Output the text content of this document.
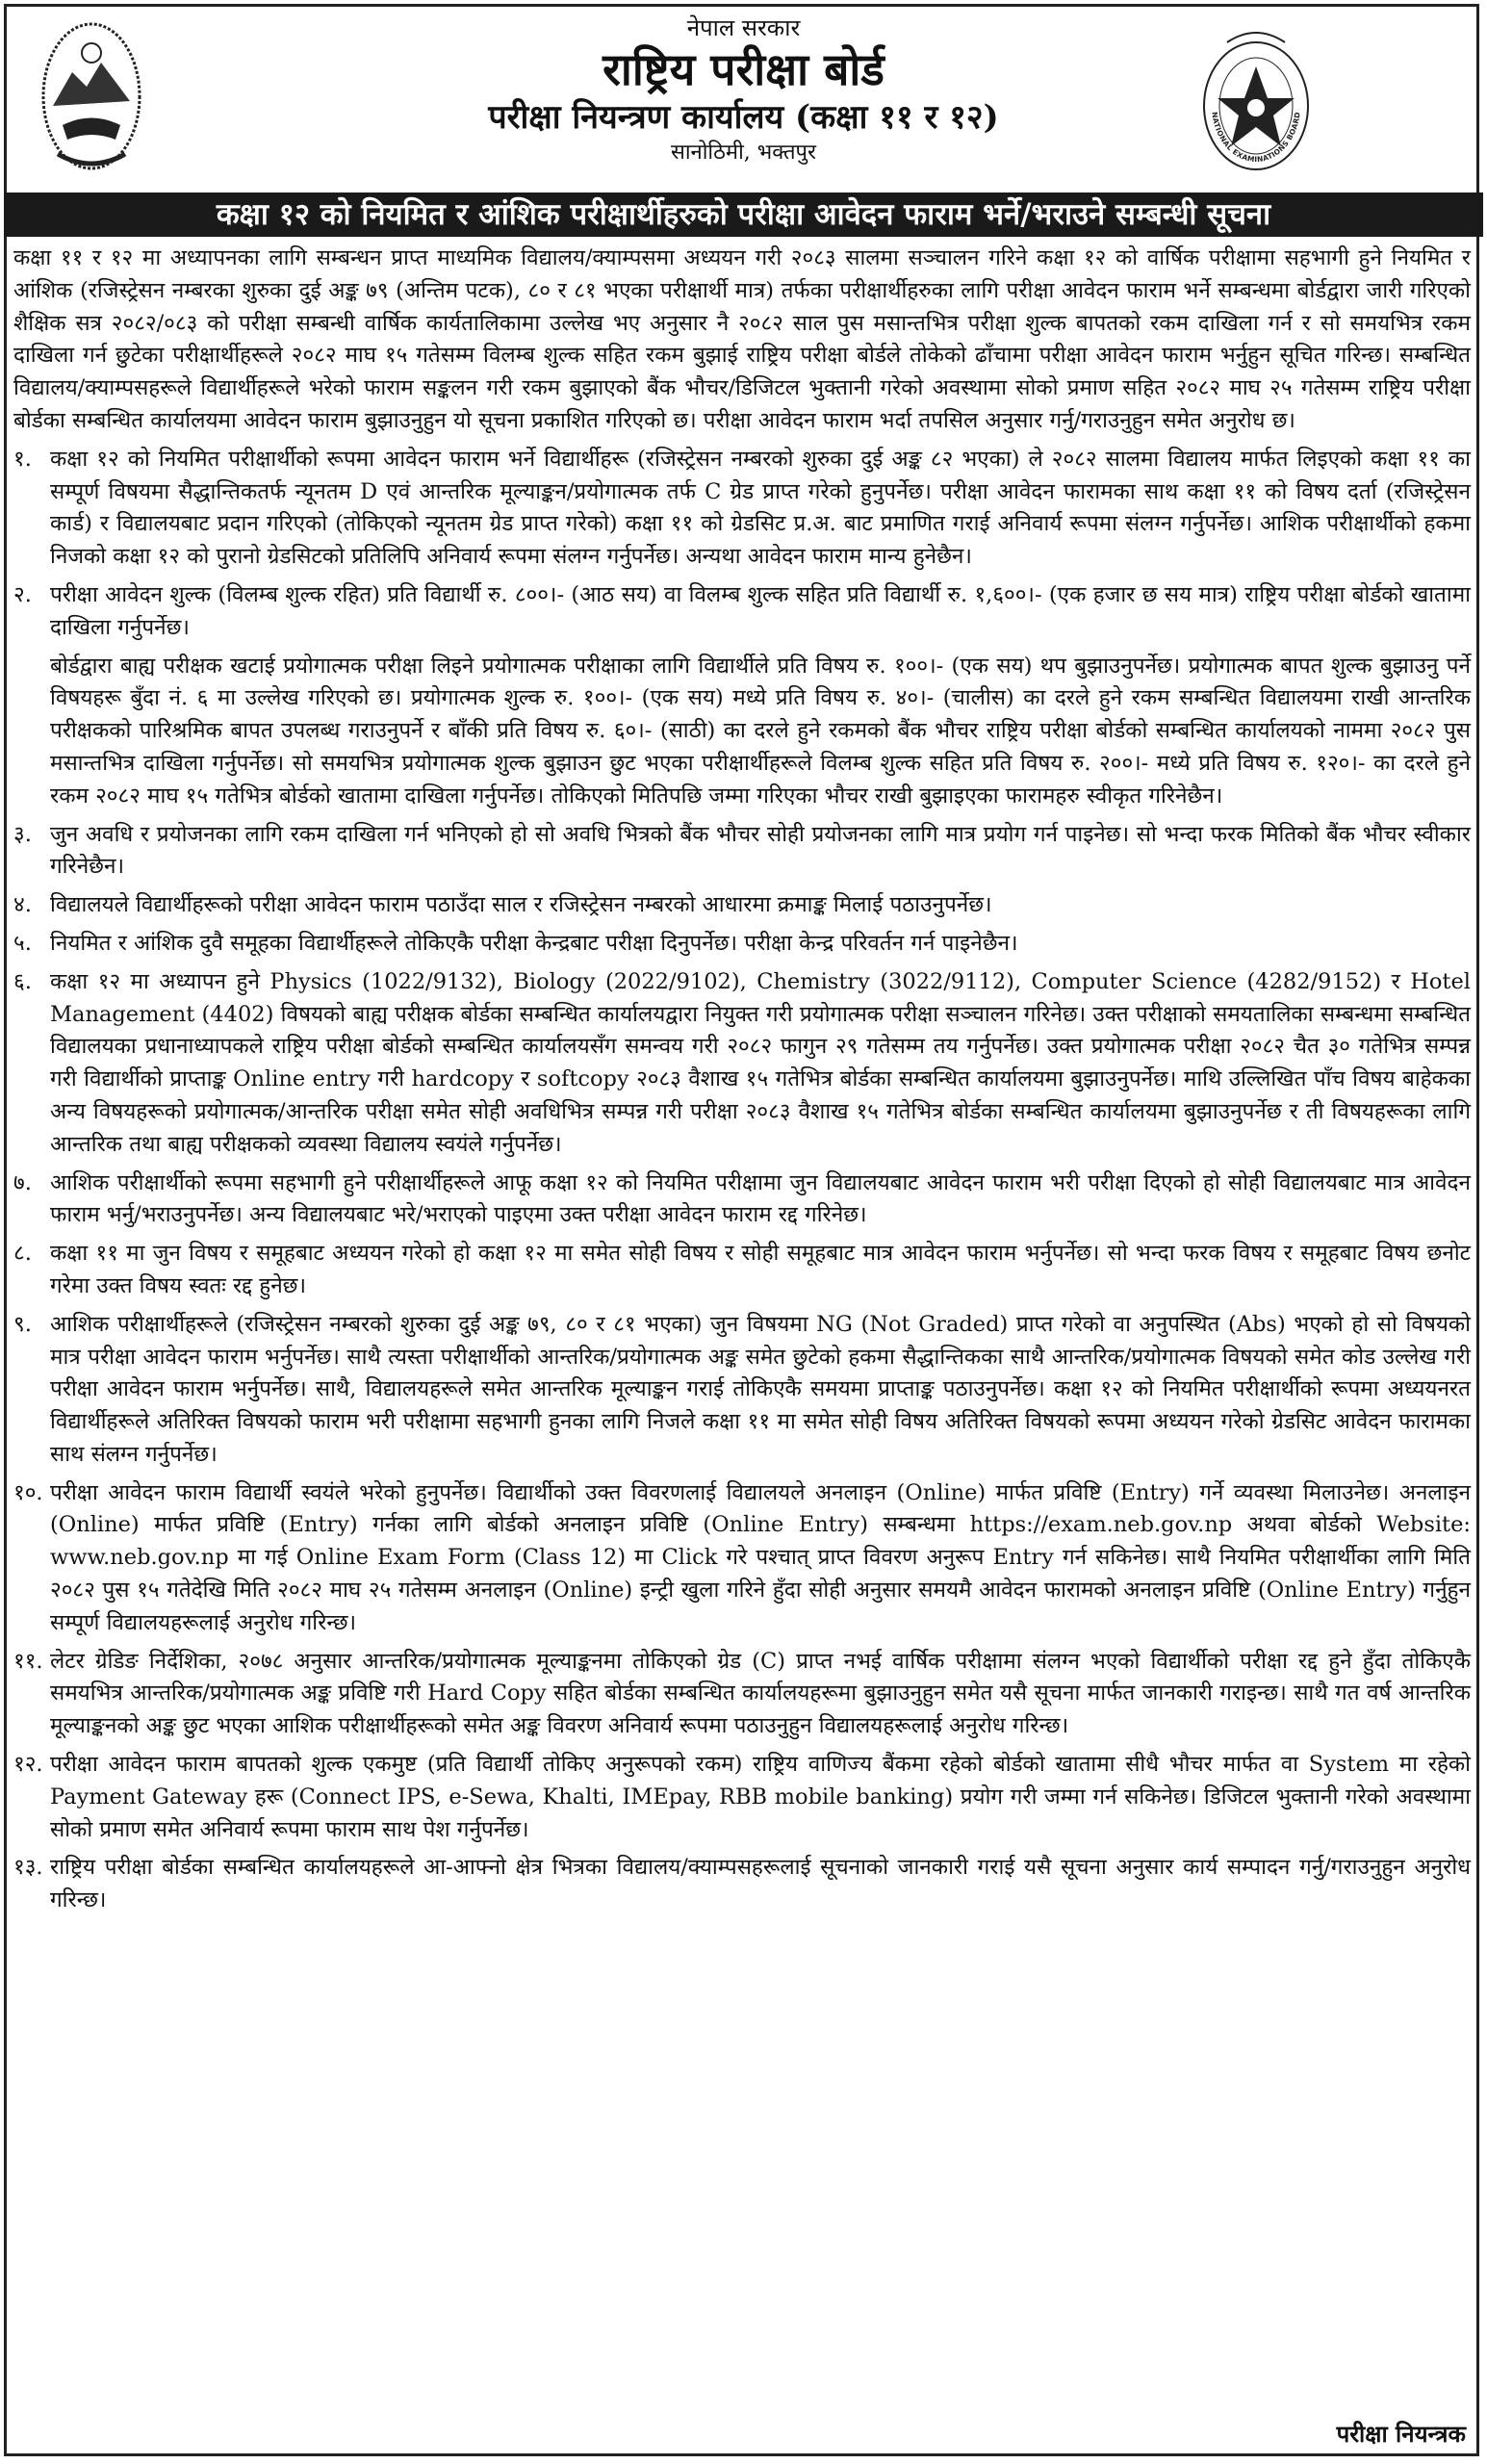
नेपाल सरकार
राष्ट्रिय परीक्षा बोर्ड
परीक्षा नियन्त्रण कार्यालय (कक्षा ११ र १२)
सानोठिमी, भक्तपुर
NATIONAL EXAMINATIONS BOARD
कक्षा १२ को नियमित र आंशिक परीक्षार्थीहरुको परीक्षा आवेदन फाराम भर्ने/भराउने सम्बन्धी सूचना

कक्षा ११ र १२ मा अध्यापनका लागि सम्बन्धन प्राप्त माध्यमिक विद्यालय/क्याम्पसमा अध्ययन गरी २०८३ सालमा सञ्चालन गरिने कक्षा १२ को वार्षिक परीक्षामा सहभागी हुने नियमित र आंशिक (रजिस्ट्रेसन नम्बरका शुरुका दुई अङ्क ७९ (अन्तिम पटक), ८० र ८१ भएका परीक्षार्थी मात्र) तर्फका परीक्षार्थीहरुका लागि परीक्षा आवेदन फाराम भर्ने सम्बन्धमा बोर्डद्वारा जारी गरिएको शैक्षिक सत्र २०८२/०८३ को परीक्षा सम्बन्धी वार्षिक कार्यतालिकामा उल्लेख भए अनुसार नै २०८२ साल पुस मसान्तभित्र परीक्षा शुल्क बापतको रकम दाखिला गर्न र सो समयभित्र रकम दाखिला गर्न छुटेका परीक्षार्थीहरूले २०८२ माघ १५ गतेसम्म विलम्ब शुल्क सहित रकम बुझाई राष्ट्रिय परीक्षा बोर्डले तोकेको ढाँचामा परीक्षा आवेदन फाराम भर्नुहुन सूचित गरिन्छ। सम्बन्धित विद्यालय/क्याम्पसहरूले विद्यार्थीहरूले भरेको फाराम सङ्कलन गरी रकम बुझाएको बैंक भौचर/डिजिटल भुक्तानी गरेको अवस्थामा सोको प्रमाण सहित २०८२ माघ २५ गतेसम्म राष्ट्रिय परीक्षा बोर्डका सम्बन्धित कार्यालयमा आवेदन फाराम बुझाउनुहुन यो सूचना प्रकाशित गरिएको छ। परीक्षा आवेदन फाराम भर्दा तपसिल अनुसार गर्नु/गराउनुहुन समेत अनुरोध छ।

१. कक्षा १२ को नियमित परीक्षार्थीको रूपमा आवेदन फाराम भर्ने विद्यार्थीहरू (रजिस्ट्रेसन नम्बरको शुरुका दुई अङ्क ८२ भएका) ले २०८२ सालमा विद्यालय मार्फत लिइएको कक्षा ११ का सम्पूर्ण विषयमा सैद्धान्तिकतर्फ न्यूनतम D एवं आन्तरिक मूल्याङ्कन/प्रयोगात्मक तर्फ C ग्रेड प्राप्त गरेको हुनुपर्नेछ। परीक्षा आवेदन फारामका साथ कक्षा ११ को विषय दर्ता (रजिस्ट्रेसन कार्ड) र विद्यालयबाट प्रदान गरिएको (तोकिएको न्यूनतम ग्रेड प्राप्त गरेको) कक्षा ११ को ग्रेडसिट प्र.अ. बाट प्रमाणित गराई अनिवार्य रूपमा संलग्न गर्नुपर्नेछ। आशिक परीक्षार्थीको हकमा निजको कक्षा १२ को पुरानो ग्रेडसिटको प्रतिलिपि अनिवार्य रूपमा संलग्न गर्नुपर्नेछ। अन्यथा आवेदन फाराम मान्य हुनेछैन।

२. परीक्षा आवेदन शुल्क (विलम्ब शुल्क रहित) प्रति विद्यार्थी रु. ८००।- (आठ सय) वा विलम्ब शुल्क सहित प्रति विद्यार्थी रु. १,६००।- (एक हजार छ सय मात्र) राष्ट्रिय परीक्षा बोर्डको खातामा दाखिला गर्नुपर्नेछ।

बोर्डद्वारा बाह्य परीक्षक खटाई प्रयोगात्मक परीक्षा लिइने प्रयोगात्मक परीक्षाका लागि विद्यार्थीले प्रति विषय रु. १००।- (एक सय) थप बुझाउनुपर्नेछ। प्रयोगात्मक बापत शुल्क बुझाउनु पर्ने विषयहरू बुँदा नं. ६ मा उल्लेख गरिएको छ। प्रयोगात्मक शुल्क रु. १००।- (एक सय) मध्ये प्रति विषय रु. ४०।- (चालीस) का दरले हुने रकम सम्बन्धित विद्यालयमा राखी आन्तरिक परीक्षकको पारिश्रमिक बापत उपलब्ध गराउनुपर्ने र बाँकी प्रति विषय रु. ६०।- (साठी) का दरले हुने रकमको बैंक भौचर राष्ट्रिय परीक्षा बोर्डको सम्बन्धित कार्यालयको नाममा २०८२ पुस मसान्तभित्र दाखिला गर्नुपर्नेछ। सो समयभित्र प्रयोगात्मक शुल्क बुझाउन छुट भएका परीक्षार्थीहरूले विलम्ब शुल्क सहित प्रति विषय रु. २००।- मध्ये प्रति विषय रु. १२०।- का दरले हुने रकम २०८२ माघ १५ गतेभित्र बोर्डको खातामा दाखिला गर्नुपर्नेछ। तोकिएको मितिपछि जम्मा गरिएका भौचर राखी बुझाइएका फारामहरु स्वीकृत गरिनेछैन।

३. जुन अवधि र प्रयोजनका लागि रकम दाखिला गर्न भनिएको हो सो अवधि भित्रको बैंक भौचर सोही प्रयोजनका लागि मात्र प्रयोग गर्न पाइनेछ। सो भन्दा फरक मितिको बैंक भौचर स्वीकार गरिनेछैन।

४. विद्यालयले विद्यार्थीहरूको परीक्षा आवेदन फाराम पठाउँदा साल र रजिस्ट्रेसन नम्बरको आधारमा क्रमाङ्क मिलाई पठाउनुपर्नेछ।

५. नियमित र आंशिक दुवै समूहका विद्यार्थीहरूले तोकिएकै परीक्षा केन्द्रबाट परीक्षा दिनुपर्नेछ। परीक्षा केन्द्र परिवर्तन गर्न पाइनेछैन।

६. कक्षा १२ मा अध्यापन हुने Physics (1022/9132), Biology (2022/9102), Chemistry (3022/9112), Computer Science (4282/9152) र Hotel Management (4402) विषयको बाह्य परीक्षक बोर्डका सम्बन्धित कार्यालयद्वारा नियुक्त गरी प्रयोगात्मक परीक्षा सञ्चालन गरिनेछ। उक्त परीक्षाको समयतालिका सम्बन्धमा सम्बन्धित विद्यालयका प्रधानाध्यापकले राष्ट्रिय परीक्षा बोर्डको सम्बन्धित कार्यालयसँग समन्वय गरी २०८२ फागुन २९ गतेसम्म तय गर्नुपर्नेछ। उक्त प्रयोगात्मक परीक्षा २०८२ चैत ३० गतेभित्र सम्पन्न गरी विद्यार्थीको प्राप्ताङ्क Online entry गरी hardcopy र softcopy २०८३ वैशाख १५ गतेभित्र बोर्डका सम्बन्धित कार्यालयमा बुझाउनुपर्नेछ। माथि उल्लिखित पाँच विषय बाहेकका अन्य विषयहरूको प्रयोगात्मक/आन्तरिक परीक्षा समेत सोही अवधिभित्र सम्पन्न गरी परीक्षा २०८३ वैशाख १५ गतेभित्र बोर्डका सम्बन्धित कार्यालयमा बुझाउनुपर्नेछ र ती विषयहरूका लागि आन्तरिक तथा बाह्य परीक्षकको व्यवस्था विद्यालय स्वयंले गर्नुपर्नेछ।

७. आशिक परीक्षार्थीको रूपमा सहभागी हुने परीक्षार्थीहरूले आफू कक्षा १२ को नियमित परीक्षामा जुन विद्यालयबाट आवेदन फाराम भरी परीक्षा दिएको हो सोही विद्यालयबाट मात्र आवेदन फाराम भर्नु/भराउनुपर्नेछ। अन्य विद्यालयबाट भरे/भराएको पाइएमा उक्त परीक्षा आवेदन फाराम रद्द गरिनेछ।

८. कक्षा ११ मा जुन विषय र समूहबाट अध्ययन गरेको हो कक्षा १२ मा समेत सोही विषय र सोही समूहबाट मात्र आवेदन फाराम भर्नुपर्नेछ। सो भन्दा फरक विषय र समूहबाट विषय छनोट गरेमा उक्त विषय स्वतः रद्द हुनेछ।

९. आशिक परीक्षार्थीहरूले (रजिस्ट्रेसन नम्बरको शुरुका दुई अङ्क ७९, ८० र ८१ भएका) जुन विषयमा NG (Not Graded) प्राप्त गरेको वा अनुपस्थित (Abs) भएको हो सो विषयको मात्र परीक्षा आवेदन फाराम भर्नुपर्नेछ। साथै त्यस्ता परीक्षार्थीको आन्तरिक/प्रयोगात्मक अङ्क समेत छुटेको हकमा सैद्धान्तिकका साथै आन्तरिक/प्रयोगात्मक विषयको समेत कोड उल्लेख गरी परीक्षा आवेदन फाराम भर्नुपर्नेछ। साथै, विद्यालयहरूले समेत आन्तरिक मूल्याङ्कन गराई तोकिएकै समयमा प्राप्ताङ्क पठाउनुपर्नेछ। कक्षा १२ को नियमित परीक्षार्थीको रूपमा अध्ययनरत विद्यार्थीहरूले अतिरिक्त विषयको फाराम भरी परीक्षामा सहभागी हुनका लागि निजले कक्षा ११ मा समेत सोही विषय अतिरिक्त विषयको रूपमा अध्ययन गरेको ग्रेडसिट आवेदन फारामका साथ संलग्न गर्नुपर्नेछ।

१०. परीक्षा आवेदन फाराम विद्यार्थी स्वयंले भरेको हुनुपर्नेछ। विद्यार्थीको उक्त विवरणलाई विद्यालयले अनलाइन (Online) मार्फत प्रविष्टि (Entry) गर्ने व्यवस्था मिलाउनेछ। अनलाइन (Online) मार्फत प्रविष्टि (Entry) गर्नका लागि बोर्डको अनलाइन प्रविष्टि (Online Entry) सम्बन्धमा https://exam.neb.gov.np अथवा बोर्डको Website: www.neb.gov.np मा गई Online Exam Form (Class 12) मा Click गरे पश्चात् प्राप्त विवरण अनुरूप Entry गर्न सकिनेछ। साथै नियमित परीक्षार्थीका लागि मिति २०८२ पुस १५ गतेदेखि मिति २०८२ माघ २५ गतेसम्म अनलाइन (Online) इन्ट्री खुला गरिने हुँदा सोही अनुसार समयमै आवेदन फारामको अनलाइन प्रविष्टि (Online Entry) गर्नुहुन सम्पूर्ण विद्यालयहरूलाई अनुरोध गरिन्छ।

११. लेटर ग्रेडिङ निर्देशिका, २०७८ अनुसार आन्तरिक/प्रयोगात्मक मूल्याङ्कनमा तोकिएको ग्रेड (C) प्राप्त नभई वार्षिक परीक्षामा संलग्न भएको विद्यार्थीको परीक्षा रद्द हुने हुँदा तोकिएकै समयभित्र आन्तरिक/प्रयोगात्मक अङ्क प्रविष्टि गरी Hard Copy सहित बोर्डका सम्बन्धित कार्यालयहरूमा बुझाउनुहुन समेत यसै सूचना मार्फत जानकारी गराइन्छ। साथै गत वर्ष आन्तरिक मूल्याङ्कनको अङ्क छुट भएका आशिक परीक्षार्थीहरूको समेत अङ्क विवरण अनिवार्य रूपमा पठाउनुहुन विद्यालयहरूलाई अनुरोध गरिन्छ।

१२. परीक्षा आवेदन फाराम बापतको शुल्क एकमुष्ट (प्रति विद्यार्थी तोकिए अनुरूपको रकम) राष्ट्रिय वाणिज्य बैंकमा रहेको बोर्डको खातामा सीधै भौचर मार्फत वा System मा रहेको Payment Gateway हरू (Connect IPS, e-Sewa, Khalti, IMEpay, RBB mobile banking) प्रयोग गरी जम्मा गर्न सकिनेछ। डिजिटल भुक्तानी गरेको अवस्थामा सोको प्रमाण समेत अनिवार्य रूपमा फाराम साथ पेश गर्नुपर्नेछ।

१३. राष्ट्रिय परीक्षा बोर्डका सम्बन्धित कार्यालयहरूले आ-आफ्नो क्षेत्र भित्रका विद्यालय/क्याम्पसहरूलाई सूचनाको जानकारी गराई यसै सूचना अनुसार कार्य सम्पादन गर्नु/गराउनुहुन अनुरोध गरिन्छ।

परीक्षा नियन्त्रक
